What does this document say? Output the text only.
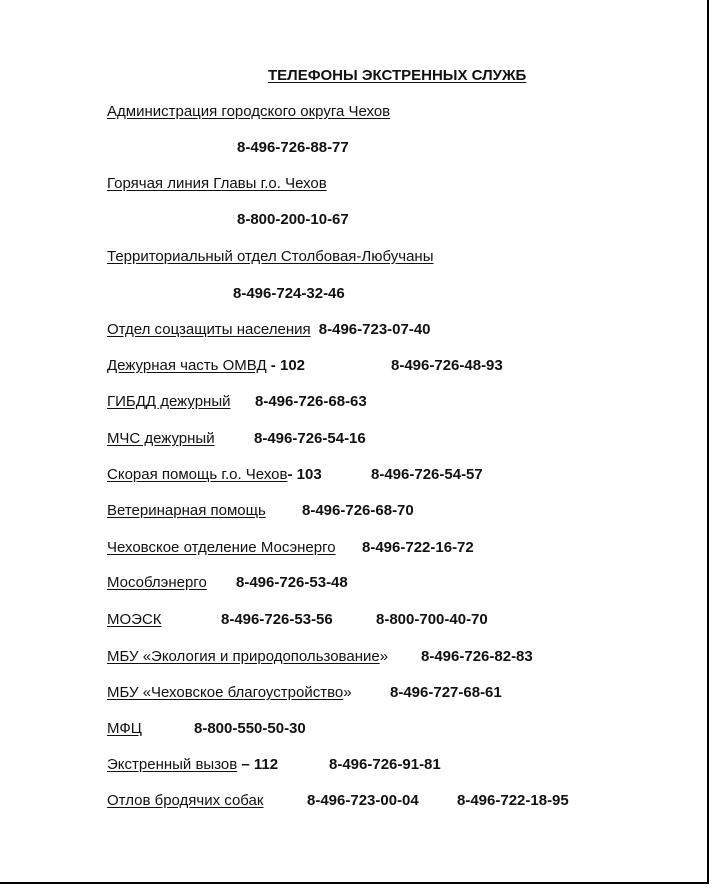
ТЕЛЕФОНЫ ЭКСТРЕННЫХ СЛУЖБ
Администрация городского округа Чехов
8-496-726-88-77
Горячая линия Главы г.о. Чехов
8-800-200-10-67
Территориальный отдел Столбовая-Любучаны
8-496-724-32-46
Отдел соцзащиты населения 8-496-723-07-40
Дежурная часть ОМВД - 102	8-496-726-48-93
ГИБДД дежурный 8-496-726-68-63
МЧС дежурный	8-496-726-54-16
Скорая помощь г.о. Чехов- 103	8-496-726-54-57
Ветеринарная помощь 8-496-726-68-70
Чеховское отделение Мосэнерго 8-496-722-16-72
Мособлэнерго 8-496-726-53-48
МОЭСК	8-496-726-53-56	8-800-700-40-70
МБУ «Экология и природопользование» 8-496-726-82-83
МБУ «Чеховское благоустройство»	8-496-727-68-61
МФЦ	8-800-550-50-30
Экстренный вызов – 112	8-496-726-91-81
Отлов бродячих собак	8-496-723-00-04	8-496-722-18-95
